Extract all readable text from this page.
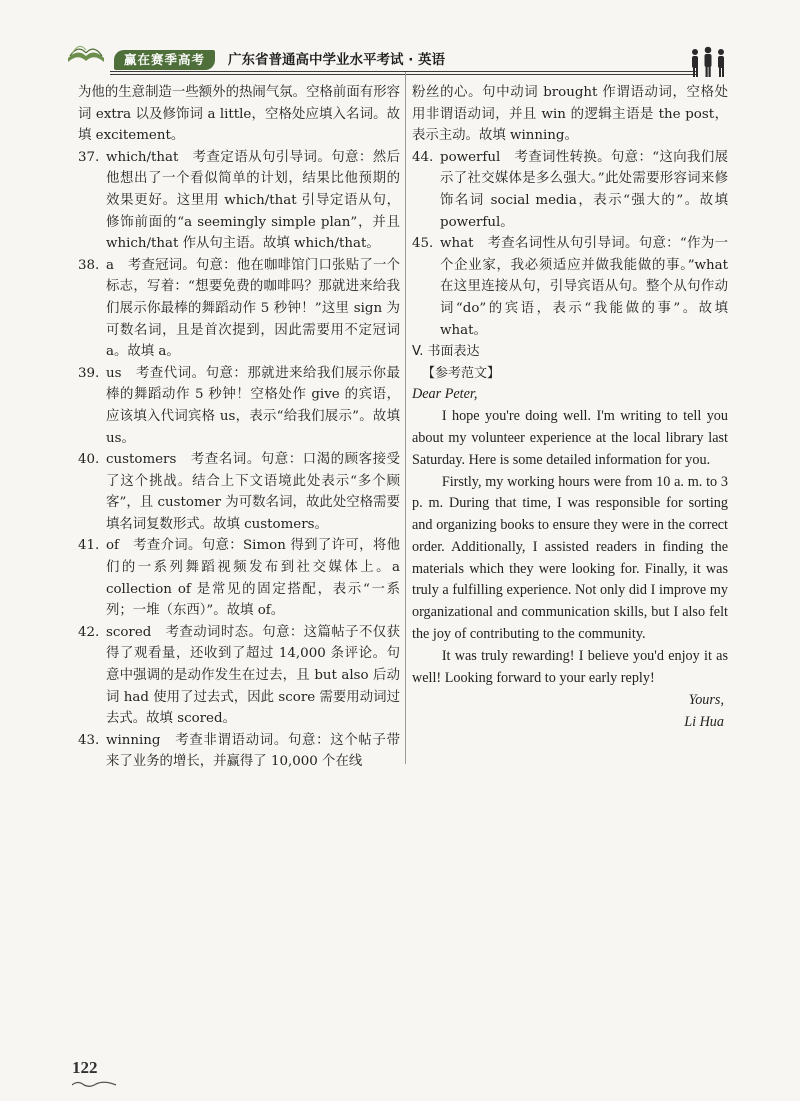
赢在赛季高考	广东省普通高中学业水平考试 · 英语
为他的生意制造一些额外的热闹气氛。空格前面有形容词 extra 以及修饰词 a little，空格处应填入名词。故填 excitement。
37. which/that　考查定语从句引导词。句意：然后他想出了一个看似简单的计划，结果比他预期的效果更好。这里用 which/that 引导定语从句，修饰前面的“a seemingly simple plan”，并且 which/that 作从句主语。故填 which/that。
38. a　考查冠词。句意：他在咖啡馆门口张贴了一个标志，写着：“想要免费的咖啡吗？那就进来给我们展示你最棒的舞蹈动作 5 秒钟！”这里 sign 为可数名词，且是首次提到，因此需要用不定冠词 a。故填 a。
39. us　考查代词。句意：那就进来给我们展示你最棒的舞蹈动作 5 秒钟！空格处作 give 的宾语，应该填入代词宾格 us，表示“给我们展示”。故填 us。
40. customers　考查名词。句意：口渴的顾客接受了这个挑战。结合上下文语境此处表示“多个顾客”，且 customer 为可数名词，故此处空格需要填名词复数形式。故填 customers。
41. of　考查介词。句意：Simon 得到了许可，将他们的一系列舞蹈视频发布到社交媒体上。a collection of 是常见的固定搭配，表示“一系列；一堆（东西）”。故填 of。
42. scored　考查动词时态。句意：这篇帖子不仅获得了观看量，还收到了超过 14,000 条评论。句意中强调的是动作发生在过去，且 but also 后动词 had 使用了过去式，因此 score 需要用动词过去式。故填 scored。
43. winning　考查非谓语动词。句意：这个帖子带来了业务的增长，并赢得了 10,000 个在线
粉丝的心。句中动词 brought 作谓语动词，空格处用非谓语动词，并且 win 的逻辑主语是 the post，表示主动。故填 winning。
44. powerful　考查词性转换。句意：“这向我们展示了社交媒体是多么强大。”此处需要形容词来修饰名词 social media，表示“强大的”。故填 powerful。
45. what　考查名词性从句引导词。句意：“作为一个企业家，我必须适应并做我能做的事。”what 在这里连接从句，引导宾语从句。整个从句作动词“do”的宾语，表示“我能做的事”。故填 what。
V. 书面表达
【参考范文】
Dear Peter,
I hope you're doing well. I'm writing to tell you about my volunteer experience at the local library last Saturday. Here is some detailed information for you.
Firstly, my working hours were from 10 a. m. to 3 p. m. During that time, I was responsible for sorting and organizing books to ensure they were in the correct order. Additionally, I assisted readers in finding the materials which they were looking for. Finally, it was truly a fulfilling experience. Not only did I improve my organizational and communication skills, but I also felt the joy of contributing to the community.
It was truly rewarding! I believe you'd enjoy it as well! Looking forward to your early reply!
Yours,
Li Hua
122
